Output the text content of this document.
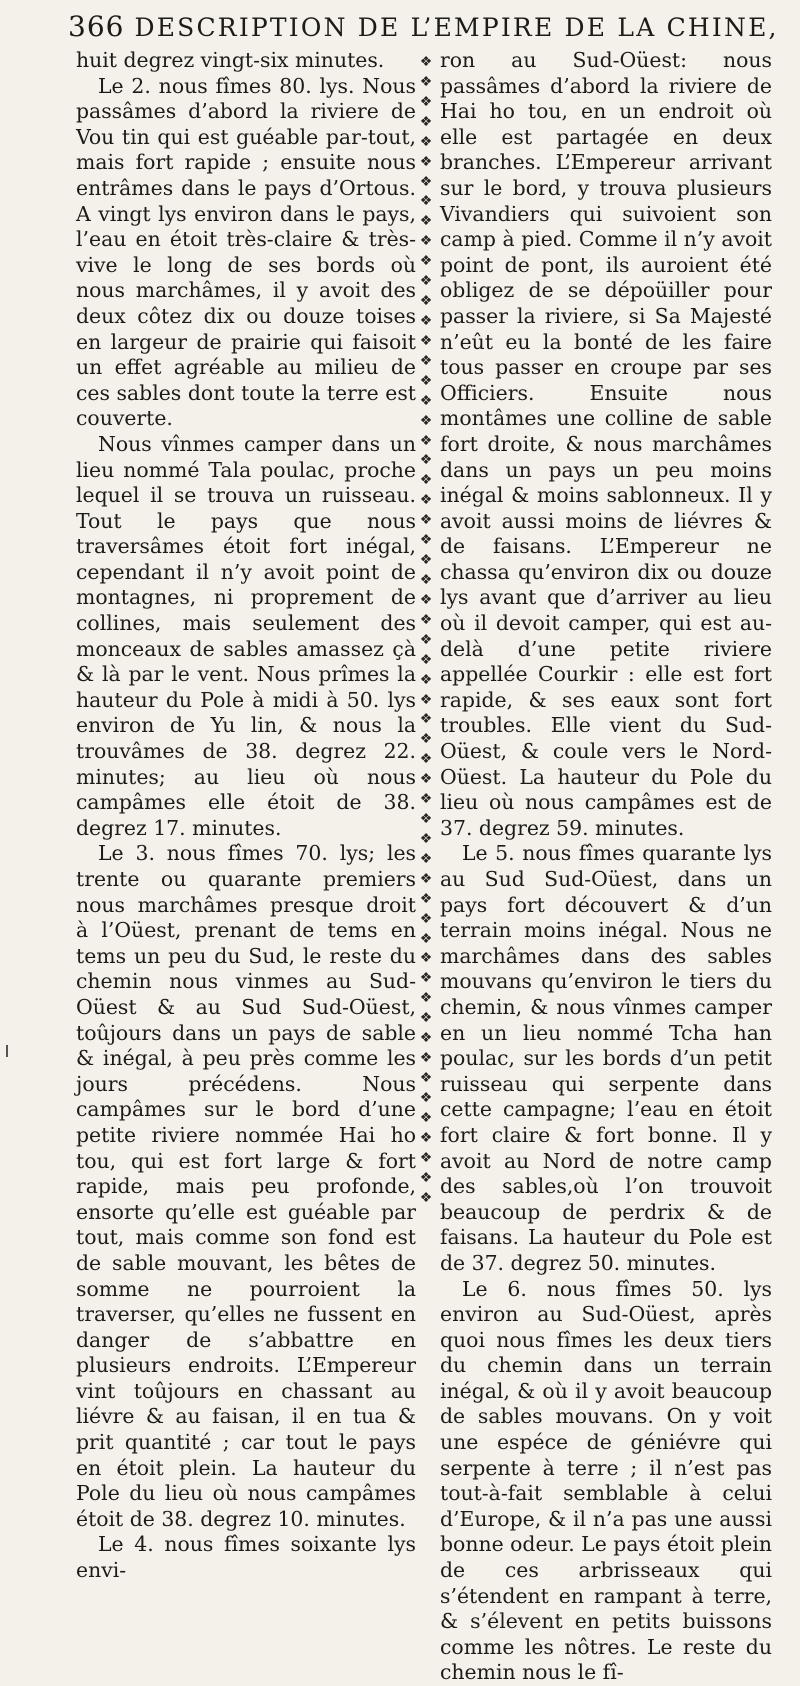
366 DESCRIPTION DE L’EMPIRE DE LA CHINE,

huit degrez vingt-six minutes.

Le 2. nous fîmes 80. lys. Nous passâmes d’abord la riviere de Vou tin qui est guéable par-tout, mais fort rapide ; ensuite nous entrâmes dans le pays d’Ortous. A vingt lys environ dans le pays, l’eau en étoit très-claire & très-vive le long de ses bords où nous marchâmes, il y avoit des deux côtez dix ou douze toises en largeur de prairie qui faisoit un effet agréable au milieu de ces sables dont toute la terre est couverte.

Nous vînmes camper dans un lieu nommé Tala poulac, proche lequel il se trouva un ruisseau. Tout le pays que nous traversâmes étoit fort inégal, cependant il n’y avoit point de montagnes, ni proprement de collines, mais seulement des monceaux de sables amassez çà & là par le vent. Nous prîmes la hauteur du Pole à midi à 50. lys environ de Yu lin, & nous la trouvâmes de 38. degrez 22. minutes; au lieu où nous campâmes elle étoit de 38. degrez 17. minutes.

Le 3. nous fîmes 70. lys; les trente ou quarante premiers nous marchâmes presque droit à l’Oüest, prenant de tems en tems un peu du Sud, le reste du chemin nous vinmes au Sud-Oüest & au Sud Sud-Oüest, toûjours dans un pays de sable & inégal, à peu près comme les jours précédens. Nous campâmes sur le bord d’une petite riviere nommée Hai ho tou, qui est fort large & fort rapide, mais peu profonde, ensorte qu’elle est guéable par tout, mais comme son fond est de sable mouvant, les bêtes de somme ne pourroient la traverser, qu’elles ne fussent en danger de s’abbattre en plusieurs endroits. L’Empereur vint toûjours en chassant au liévre & au faisan, il en tua & prit quantité ; car tout le pays en étoit plein. La hauteur du Pole du lieu où nous campâmes étoit de 38. degrez 10. minutes.

Le 4. nous fîmes soixante lys envi-

❖
❖
❖
❖
❖
❖
❖
❖
❖
❖
❖
❖
❖
❖
❖
❖
❖
❖
❖
❖
❖
❖
❖
❖
❖
❖
❖
❖
❖
❖
❖
❖
❖
❖
❖
❖
❖
❖
❖
❖
❖
❖
❖
❖
❖
❖
❖
❖
❖
❖
❖
❖
❖
❖
❖
❖
❖
❖

ron au Sud-Oüest: nous passâmes d’abord la riviere de Hai ho tou, en un endroit où elle est partagée en deux branches. L’Empereur arrivant sur le bord, y trouva plusieurs Vivandiers qui suivoient son camp à pied. Comme il n’y avoit point de pont, ils auroient été obligez de se dépoüiller pour passer la riviere, si Sa Majesté n’eût eu la bonté de les faire tous passer en croupe par ses Officiers. Ensuite nous montâmes une colline de sable fort droite, & nous marchâmes dans un pays un peu moins inégal & moins sablonneux. Il y avoit aussi moins de liévres & de faisans. L’Empereur ne chassa qu’environ dix ou douze lys avant que d’arriver au lieu où il devoit camper, qui est au-delà d’une petite riviere appellée Courkir : elle est fort rapide, & ses eaux sont fort troubles. Elle vient du Sud-Oüest, & coule vers le Nord-Oüest. La hauteur du Pole du lieu où nous campâmes est de 37. degrez 59. minutes.

Le 5. nous fîmes quarante lys au Sud Sud-Oüest, dans un pays fort découvert & d’un terrain moins inégal. Nous ne marchâmes dans des sables mouvans qu’environ le tiers du chemin, & nous vînmes camper en un lieu nommé Tcha han poulac, sur les bords d’un petit ruisseau qui serpente dans cette campagne; l’eau en étoit fort claire & fort bonne. Il y avoit au Nord de notre camp des sables,où l’on trouvoit beaucoup de perdrix & de faisans. La hauteur du Pole est de 37. degrez 50. minutes.

Le 6. nous fîmes 50. lys environ au Sud-Oüest, après quoi nous fîmes les deux tiers du chemin dans un terrain inégal, & où il y avoit beaucoup de sables mouvans. On y voit une espéce de géniévre qui serpente à terre ; il n’est pas tout-à-fait semblable à celui d’Europe, & il n’a pas une aussi bonne odeur. Le pays étoit plein de ces arbrisseaux qui s’étendent en rampant à terre, & s’élevent en petits buissons comme les nôtres. Le reste du chemin nous le fî-
